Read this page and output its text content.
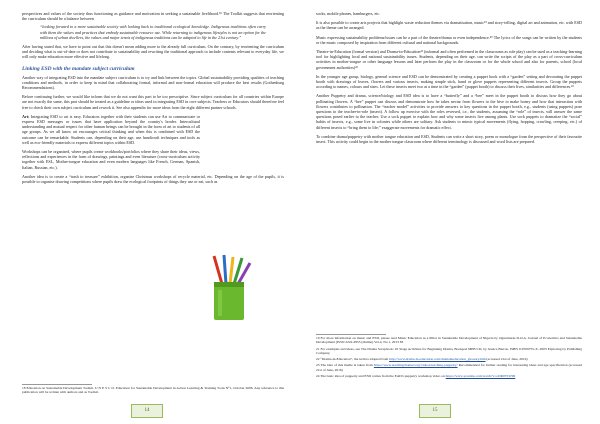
perspectives and values of the society thus functioning as guidance and motivation in seeking a sustainable livelihood.¹⁸ The Toolkit suggests that reorienting the curriculum should be a balance between

“looking forward to a more sustainable society with looking back to traditional ecological knowledge. Indigenous traditions often carry with them the values and practices that embody sustainable resource use. While returning to indigenous lifestyles is not an option for the millions of urban dwellers, the values and major tenets of indigenous traditions can be adapted to life in the 21st century.”

After having stated that, we have to point out that this doesn't mean adding more to the already full curriculum. On the contrary, by reorienting the curriculum and deciding what is out-of-date or does not contribute to sustainability and rewriting the traditional approach to include contents relevant to everyday life, we will only make education more effective and lifelong.

Linking ESD with the mandate subject curriculum

Another way of integrating ESD into the mandate subject curriculum is to try and link between the topics. Global sustainability providing qualities of teaching conditions and methods, in order to keep in mind that collaborating formal, informal and non-formal education will produce the best results (Gothenburg Recommendations).

Before continuing further, we would like inform that we do not want this part to be too prescriptive. Since subject curriculum for all countries within Europe are not exactly the same, this part should be treated as a guideline or ideas used in integrating ESD in core subjects. Teachers or Educators should therefore feel free to check their own subject curriculum and rework it. See also appendix for more ideas from the eight different partner schools.

Art: Integrating ESD to art is easy. Educators together with their students can use Art to communicate or express ESD messages or issues that have application beyond the country's border. Intercultural understanding and mutual respect for other human beings can be brought in the form of art to students of all age groups. As we all know art encourages critical thinking and when this is combined with ESD the outcome can be remarkable. Students can, depending on their age, use handicraft techniques and tools as well as eco-friendly materials to express different topics within ESD.

Workshops can be organised, where pupils create workbooks/portfolios where they share their ideas, views, reflections and experiences in the form of drawings, paintings and even literature (cross-curriculum activity together with ESL, Mother-tongue education and even modern languages like French, German, Spanish, Italian, Russian, etc.).

Another idea is to create a “trash to treasure” exhibition, organise Christmas workshops of recycle material, etc. Depending on the age of the pupils, it is possible to organise drawing competitions where pupils draw the ecological footprints of things they use or eat, such as

18 Education on Sustainable Development Toolkit. U N E S C O. Education for Sustainable Development in Action Learning & Training Tools N°1, October 2006. Any reference to this publication will be written with authors and as Toolkit.

14

socks, mobile phones, hamburgers, etc.

It is also possible to create arts projects that highlight waste reduction themes via dramatisation, music¹⁹ and story-telling, digital art and animation, etc. with ESD as the theme can be arranged.

Music expressing sustainability problems/issues can be a part of the theatre/drama or even independence.²⁰ The lyrics of the songs can be written by the students or the music composed by inspiration from different cultural and national backgrounds.

Theatre-in-Education (formal version) and Drama-in-Education²¹ (informal and often performed in the classrooms as role play) can be used as a teaching-learning tool for highlighting local and national sustainability issues. Students, depending on their age, can write the scripts of the play as a part of cross-curriculum activities in mother-tongue or other language lessons and later perform the play in the classroom or for the whole school and also for parents, school (local government authorities)²²

In the younger age group, biology, general science and ESD can be demonstrated by creating a puppet book with a “garden” setting and decorating the puppet booth with drawings of leaves, flowers and various insects, making simple stick, hand or glove puppets representing different insects. Group the puppets according to names, colours and sizes. Let these insects meet two at a time in the “garden” (puppet booth) to discuss their lives, similarities and differences.²³

Another Puppetry and drama, science/biology and ESD idea is to have a “butterfly” and a “bee” meet in the puppet booth to discuss how they go about pollinating flowers. A “bee” puppet can discuss and demonstrate how he takes nectar from flowers to the hive to make honey and how that interaction with flowers contributes to pollination. The “teacher model” activities to provide answers to key questions in the puppet booth, e.g., students (using puppets) pose questions to the teacher-in-role (insect). A follow up exercise with the roles reversed, i.e., the students, assuming the “role” of insects, will answer the same questions posed earlier to the teacher. Use a sock puppet to explain how and why some insects live among plants. Use sock puppets to dramatize the “social” habits of insects, e.g., some live in colonies while others are solitary. Ask students to mimic typical movements (flying, hopping, crawling, creeping, etc.) of different insects to “bring them to life;” exaggerate movements for dramatic effect.

To combine drama/puppetry with mother tongue education and ESD, Students can write a short story, poem or monologue from the perspective of their favourite insect. This activity could begin in the mother tongue classroom where different terminology is discussed and word lists are prepared.

19 For more information on music and ESD, please read Music Education as a Pillar in Sustainable Development of Nigeria by Ogunrinade D.O.A. Journal of Economics and Sustainable Development (ISSN 2222-2855 (Online) Vol.4, No.1, 2013 83

21 For examples and ideas, see The Drama Scrapbook: 45 Stage Activities for Beginning Drama, Bookpod MPB CD, by Jessica Barron. ISBN 0-9709755-X. 2003 Exploring by Publishing Company.

22 “Drama-in-Education”, the term is adapted from http://www.drama-in-education.com/dramaineducation_glossary.htm (accessed 21st of June, 2016)

23 The idea of this theme is taken from https://www.teachingchannel.org/videos/teaching-puppetry/ Recommended for further reading for interesting ideas and age specification (accessed 21st of June, 2016)

24 The basic idea of puppetry and ESD comes from the EAD's puppetry workshop video on https://www.youtube.com/watch?v=oDRJESW96

15
